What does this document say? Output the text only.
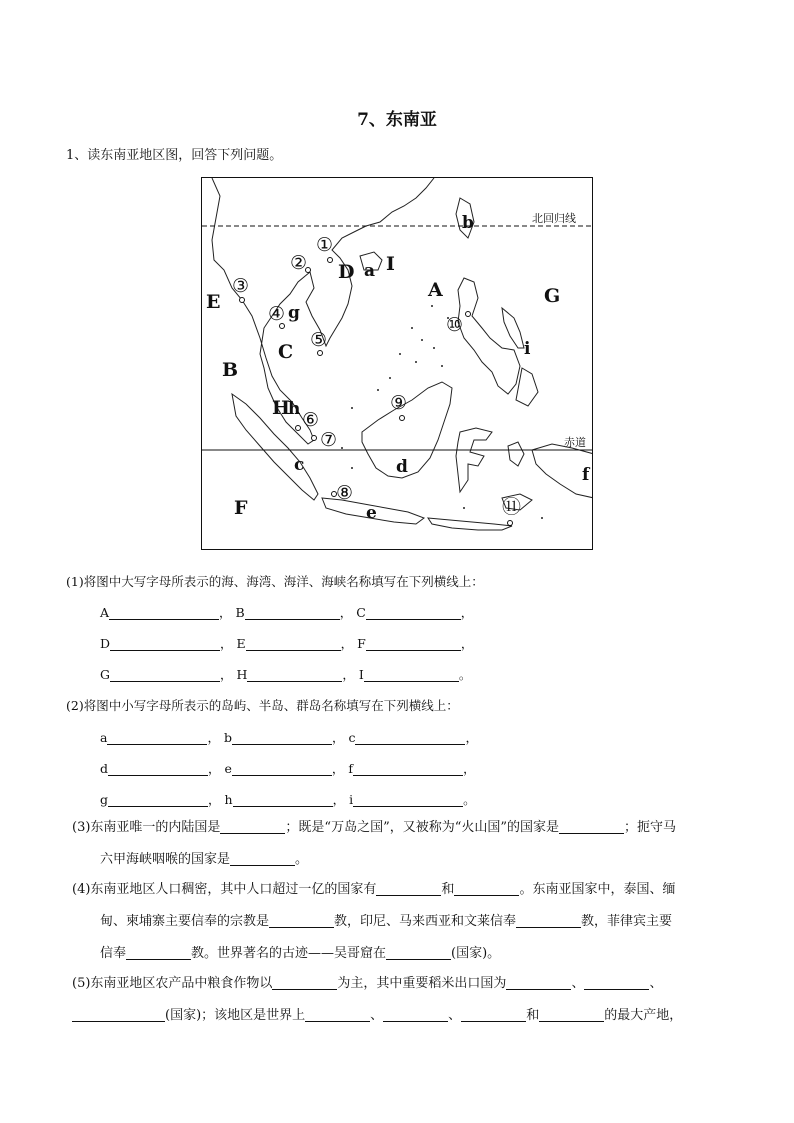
7、东南亚
1、读东南亚地区图，回答下列问题。
A
B
C
D
E
F
G
H
I
a
b
c	d
e
f
g
h
i
①
②
③
④
⑤
⑥
⑦
⑧
⑨
⑩
⑪
北回归线
赤道
(1)将图中大写字母所表示的海、海湾、海洋、海峡名称填写在下列横线上：
A	， B	， C	，
D	， E	， F	，
G	， H	， I	。
(2)将图中小写字母所表示的岛屿、半岛、群岛名称填写在下列横线上：
a	， b	， c	，
d	， e	， f	，
g	， h	， i	。
(3)东南亚唯一的内陆国是	；既是“万岛之国”，又被称为“火山国”的国家是	；扼守马
六甲海峡咽喉的国家是	。
(4)东南亚地区人口稠密，其中人口超过一亿的国家有	和	。东南亚国家中，泰国、缅
甸、柬埔寨主要信奉的宗教是	教，印尼、马来西亚和文莱信奉	教，菲律宾主要
信奉	教。世界著名的古迹——吴哥窟在	(国家)。
(5)东南亚地区农产品中粮食作物以	为主，其中重要稻米出口国为	、	、
(国家)；该地区是世界上	、	、	和	的最大产地，
